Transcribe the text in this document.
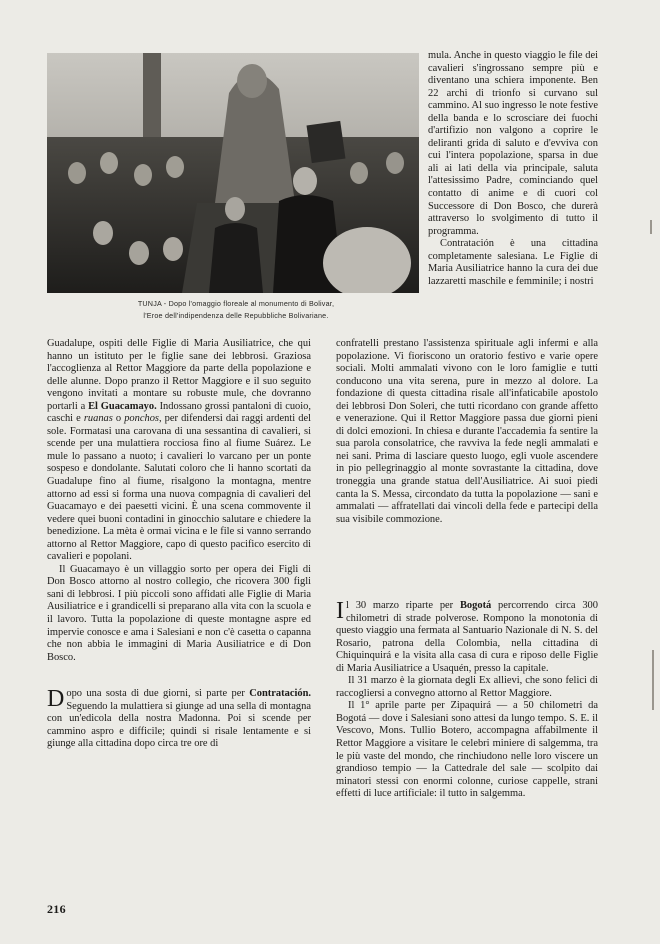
TUNJA - Dopo l'omaggio floreale al monumento di Bolivar,
l'Eroe dell'indipendenza delle Repubbliche Bolivariane.

mula. Anche in questo viaggio le file dei cavalieri s'ingrossano sempre più e diventano una schiera imponente. Ben 22 archi di trionfo si curvano sul cammino. Al suo ingresso le note festive della banda e lo scrosciare dei fuochi d'artifizio non valgono a coprire le deliranti grida di saluto e d'evviva con cui l'intera popolazione, sparsa in due ali ai lati della via principale, saluta l'attesissimo Padre, cominciando quel contatto di anime e di cuori col Successore di Don Bosco, che durerà attraverso lo svolgimento di tutto il programma.

Contratación è una cittadina completamente salesiana. Le Figlie di Maria Ausiliatrice hanno la cura dei due lazzaretti maschile e femminile; i nostri

Guadalupe, ospiti delle Figlie di Maria Ausiliatrice, che qui hanno un istituto per le figlie sane dei lebbrosi. Graziosa l'accoglienza al Rettor Maggiore da parte della popolazione e delle alunne. Dopo pranzo il Rettor Maggiore e il suo seguito vengono invitati a montare su robuste mule, che dovranno portarli a El Guacamayo. Indossano grossi pantaloni di cuoio, caschi e ruanas o ponchos, per difendersi dai raggi ardenti del sole. Formatasi una carovana di una sessantina di cavalieri, si scende per una mulattiera rocciosa fino al fiume Suárez. Le mule lo passano a nuoto; i cavalieri lo varcano per un ponte sospeso e dondolante. Salutati coloro che li hanno scortati da Guadalupe fino al fiume, risalgono la montagna, mentre attorno ad essi si forma una nuova compagnia di cavalieri del Guacamayo e dei paesetti vicini. È una scena commovente il vedere quei buoni contadini in ginocchio salutare e chiedere la benedizione. La mèta è ormai vicina e le file si vanno serrando attorno al Rettor Maggiore, capo di questo pacifico esercito di cavalieri e popolani.

Il Guacamayo è un villaggio sorto per opera dei Figli di Don Bosco attorno al nostro collegio, che ricovera 300 figli sani di lebbrosi. I più piccoli sono affidati alle Figlie di Maria Ausiliatrice e i grandicelli si preparano alla vita con la scuola e il lavoro. Tutta la popolazione di queste montagne aspre ed impervie conosce e ama i Salesiani e non c'è casetta o capanna che non abbia le immagini di Maria Ausiliatrice e di Don Bosco.

Dopo una sosta di due giorni, si parte per Contratación. Seguendo la mulattiera si giunge ad una sella di montagna con un'edicola della nostra Madonna. Poi si scende per cammino aspro e difficile; quindi si risale lentamente e si giunge alla cittadina dopo circa tre ore di

confratelli prestano l'assistenza spirituale agli infermi e alla popolazione. Vi fioriscono un oratorio festivo e varie opere sociali. Molti ammalati vivono con le loro famiglie e tutti conducono una vita serena, pure in mezzo al dolore. La fondazione di questa cittadina risale all'infaticabile apostolo dei lebbrosi Don Soleri, che tutti ricordano con grande affetto e venerazione. Qui il Rettor Maggiore passa due giorni pieni di dolci emozioni. In chiesa e durante l'accademia fa sentire la sua parola consolatrice, che ravviva la fede negli ammalati e nei sani. Prima di lasciare questo luogo, egli vuole ascendere in pio pellegrinaggio al monte sovrastante la cittadina, dove troneggia una grande statua dell'Ausiliatrice. Ai suoi piedi canta la S. Messa, circondato da tutta la popolazione — sani e ammalati — affratellati dai vincoli della fede e partecipi della sua visibile commozione.

Il 30 marzo riparte per Bogotá percorrendo circa 300 chilometri di strade polverose. Rompono la monotonia di questo viaggio una fermata al Santuario Nazionale di N. S. del Rosario, patrona della Colombia, nella cittadina di Chiquinquirá e la visita alla casa di cura e riposo delle Figlie di Maria Ausiliatrice a Usaquén, presso la capitale.

Il 31 marzo è la giornata degli Ex allievi, che sono felici di raccogliersi a convegno attorno al Rettor Maggiore.

Il 1° aprile parte per Zipaquirá — a 50 chilometri da Bogotá — dove i Salesiani sono attesi da lungo tempo. S. E. il Vescovo, Mons. Tullio Botero, accompagna affabilmente il Rettor Maggiore a visitare le celebri miniere di salgemma, tra le più vaste del mondo, che rinchiudono nelle loro viscere un grandioso tempio — la Cattedrale del sale — scolpito dai minatori stessi con enormi colonne, curiose cappelle, strani effetti di luce artificiale: il tutto in salgemma.

216
